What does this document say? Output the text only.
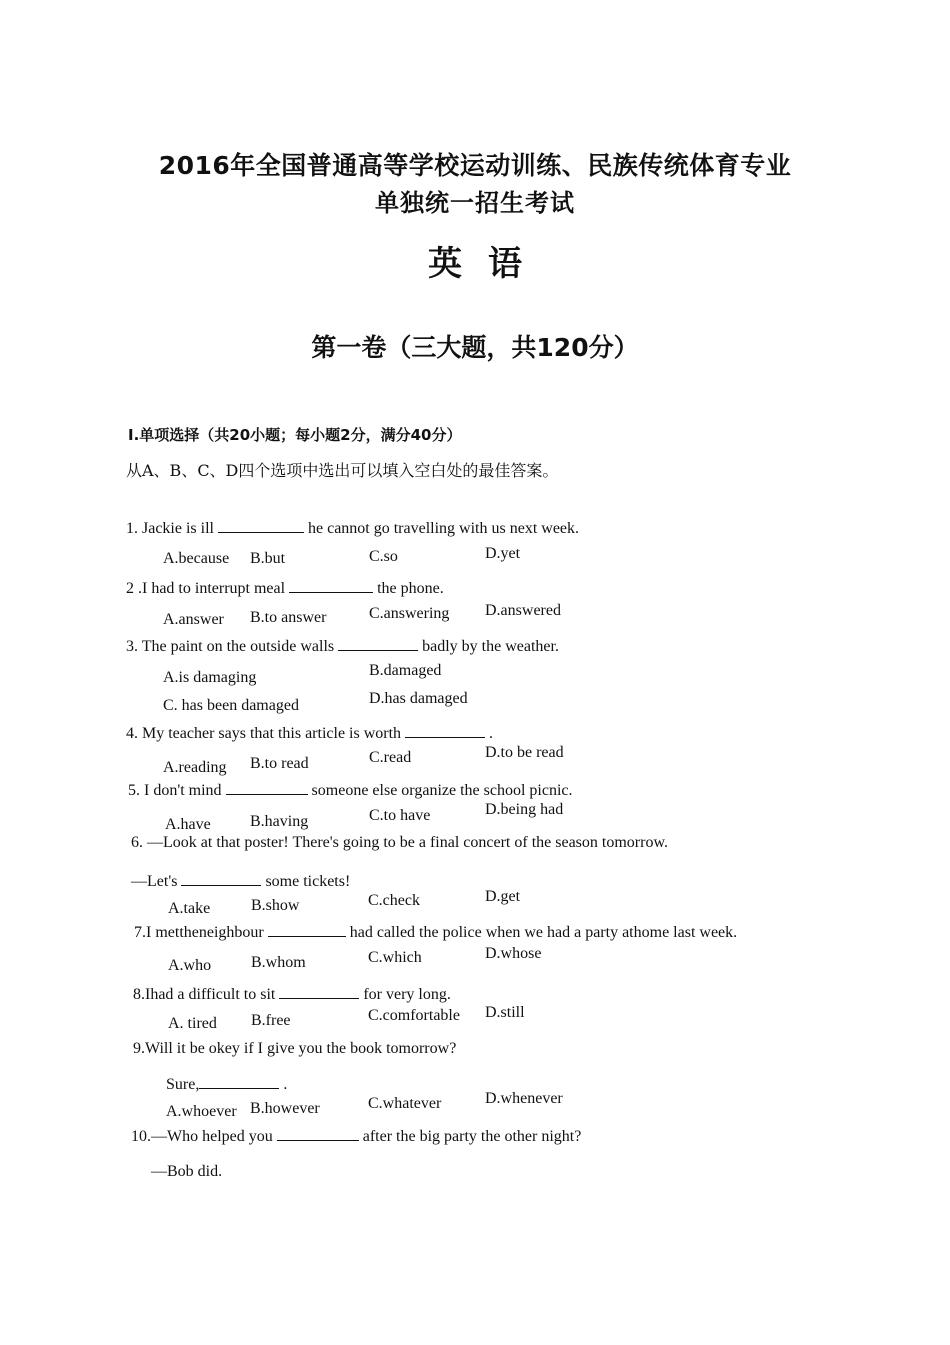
2016年全国普通高等学校运动训练、民族传统体育专业
单独统一招生考试
英语
第一卷（三大题，共120分）
Ⅰ.单项选择（共20小题；每小题2分，满分40分）
从A、B、C、D四个选项中选出可以填入空白处的最佳答案。
1. Jackie is ill	he cannot go travelling with us next week.
A.because B.but	C.so	D.yet
2 .I had to interrupt meal	the phone.
A.answer B.to answer	C.answering D.answered
3. The paint on the outside walls	badly by the weather.
A.is damaging	B.damaged
C. has been damaged	D.has damaged
4. My teacher says that this article is worth	.
A.reading B.to read	C.read	D.to be read
5. I don't mind	someone else organize the school picnic.
A.have B.having	C.to have	D.being had
6. —Look at that poster! There's going to be a final concert of the season tomorrow.
—Let's	some tickets!
A.take	B.show	C.check	D.get
7.I mettheneighbour	had called the police when we had a party athome last week.
A.who B.whom	C.which	D.whose
8.Ihad a difficult to sit	for very long.
A. tired B.free	C.comfortable D.still
9.Will it be okey if I give you the book tomorrow?
Sure,	.
A.whoever B.however	C.whatever	D.whenever
10.—Who helped you	after the big party the other night?
—Bob did.
